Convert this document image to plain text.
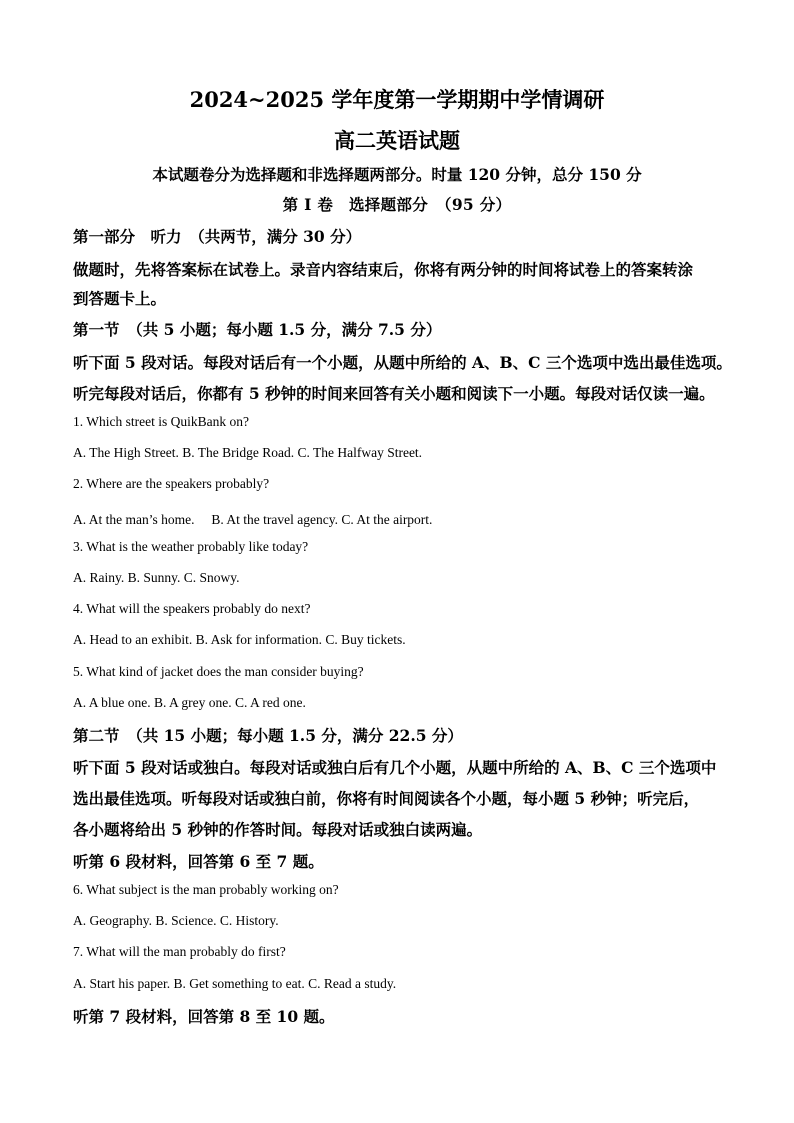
2024~2025 学年度第一学期期中学情调研
高二英语试题
本试题卷分为选择题和非选择题两部分。时量 120 分钟，总分 150 分
第 I 卷　选择题部分　（95 分）
第一部分　听力　（共两节，满分 30 分）
做题时，先将答案标在试卷上。录音内容结束后，你将有两分钟的时间将试卷上的答案转涂
到答题卡上。
第一节　（共 5 小题；每小题 1.5 分，满分 7.5 分）
听下面 5 段对话。每段对话后有一个小题，从题中所给的 A、B、C 三个选项中选出最佳选项。
听完每段对话后，你都有 5 秒钟的时间来回答有关小题和阅读下一小题。每段对话仅读一遍。
1. Which street is QuikBank on?
A. The High Street. B. The Bridge Road. C. The Halfway Street.
2. Where are the speakers probably?
A. At the man’s home.　 B. At the travel agency. C. At the airport.
3. What is the weather probably like today?
A. Rainy. B. Sunny. C. Snowy.
4. What will the speakers probably do next?
A. Head to an exhibit. B. Ask for information. C. Buy tickets.
5. What kind of jacket does the man consider buying?
A. A blue one. B. A grey one. C. A red one.
第二节　（共 15 小题；每小题 1.5 分，满分 22.5 分）
听下面 5 段对话或独白。每段对话或独白后有几个小题，从题中所给的 A、B、C 三个选项中
选出最佳选项。听每段对话或独白前，你将有时间阅读各个小题，每小题 5 秒钟；听完后，
各小题将给出 5 秒钟的作答时间。每段对话或独白读两遍。
听第 6 段材料，回答第 6 至 7 题。
6. What subject is the man probably working on?
A. Geography. B. Science. C. History.
7. What will the man probably do first?
A. Start his paper. B. Get something to eat. C. Read a study.
听第 7 段材料，回答第 8 至 10 题。
